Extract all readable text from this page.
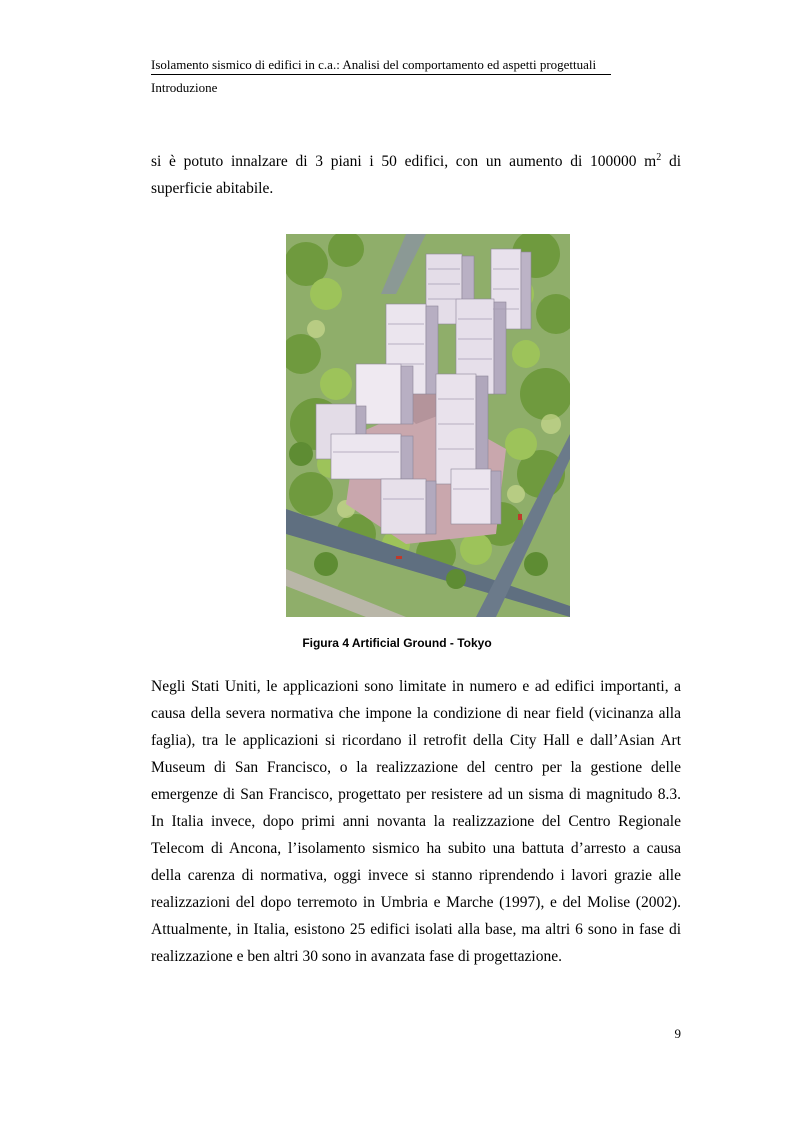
Isolamento sismico di edifici in c.a.: Analisi del comportamento ed aspetti progettuali
Introduzione

si è potuto innalzare di 3 piani i 50 edifici, con un aumento di 100000 $m^2$ di superficie abitabile.

Figura 4 Artificial Ground - Tokyo

Negli Stati Uniti, le applicazioni sono limitate in numero e ad edifici importanti, a causa della severa normativa che impone la condizione di near field (vicinanza alla faglia), tra le applicazioni si ricordano il retrofit della City Hall e dall’Asian Art Museum di San Francisco, o la realizzazione del centro per la gestione delle emergenze di San Francisco, progettato per resistere ad un sisma di magnitudo 8.3. In Italia invece, dopo primi anni novanta la realizzazione del Centro Regionale Telecom di Ancona, l’isolamento sismico ha subito una battuta d’arresto a causa della carenza di normativa, oggi invece si stanno riprendendo i lavori grazie alle realizzazioni del dopo terremoto in Umbria e Marche (1997), e del Molise (2002). Attualmente, in Italia, esistono 25 edifici isolati alla base, ma altri 6 sono in fase di realizzazione e ben altri 30 sono in avanzata fase di progettazione.

9
